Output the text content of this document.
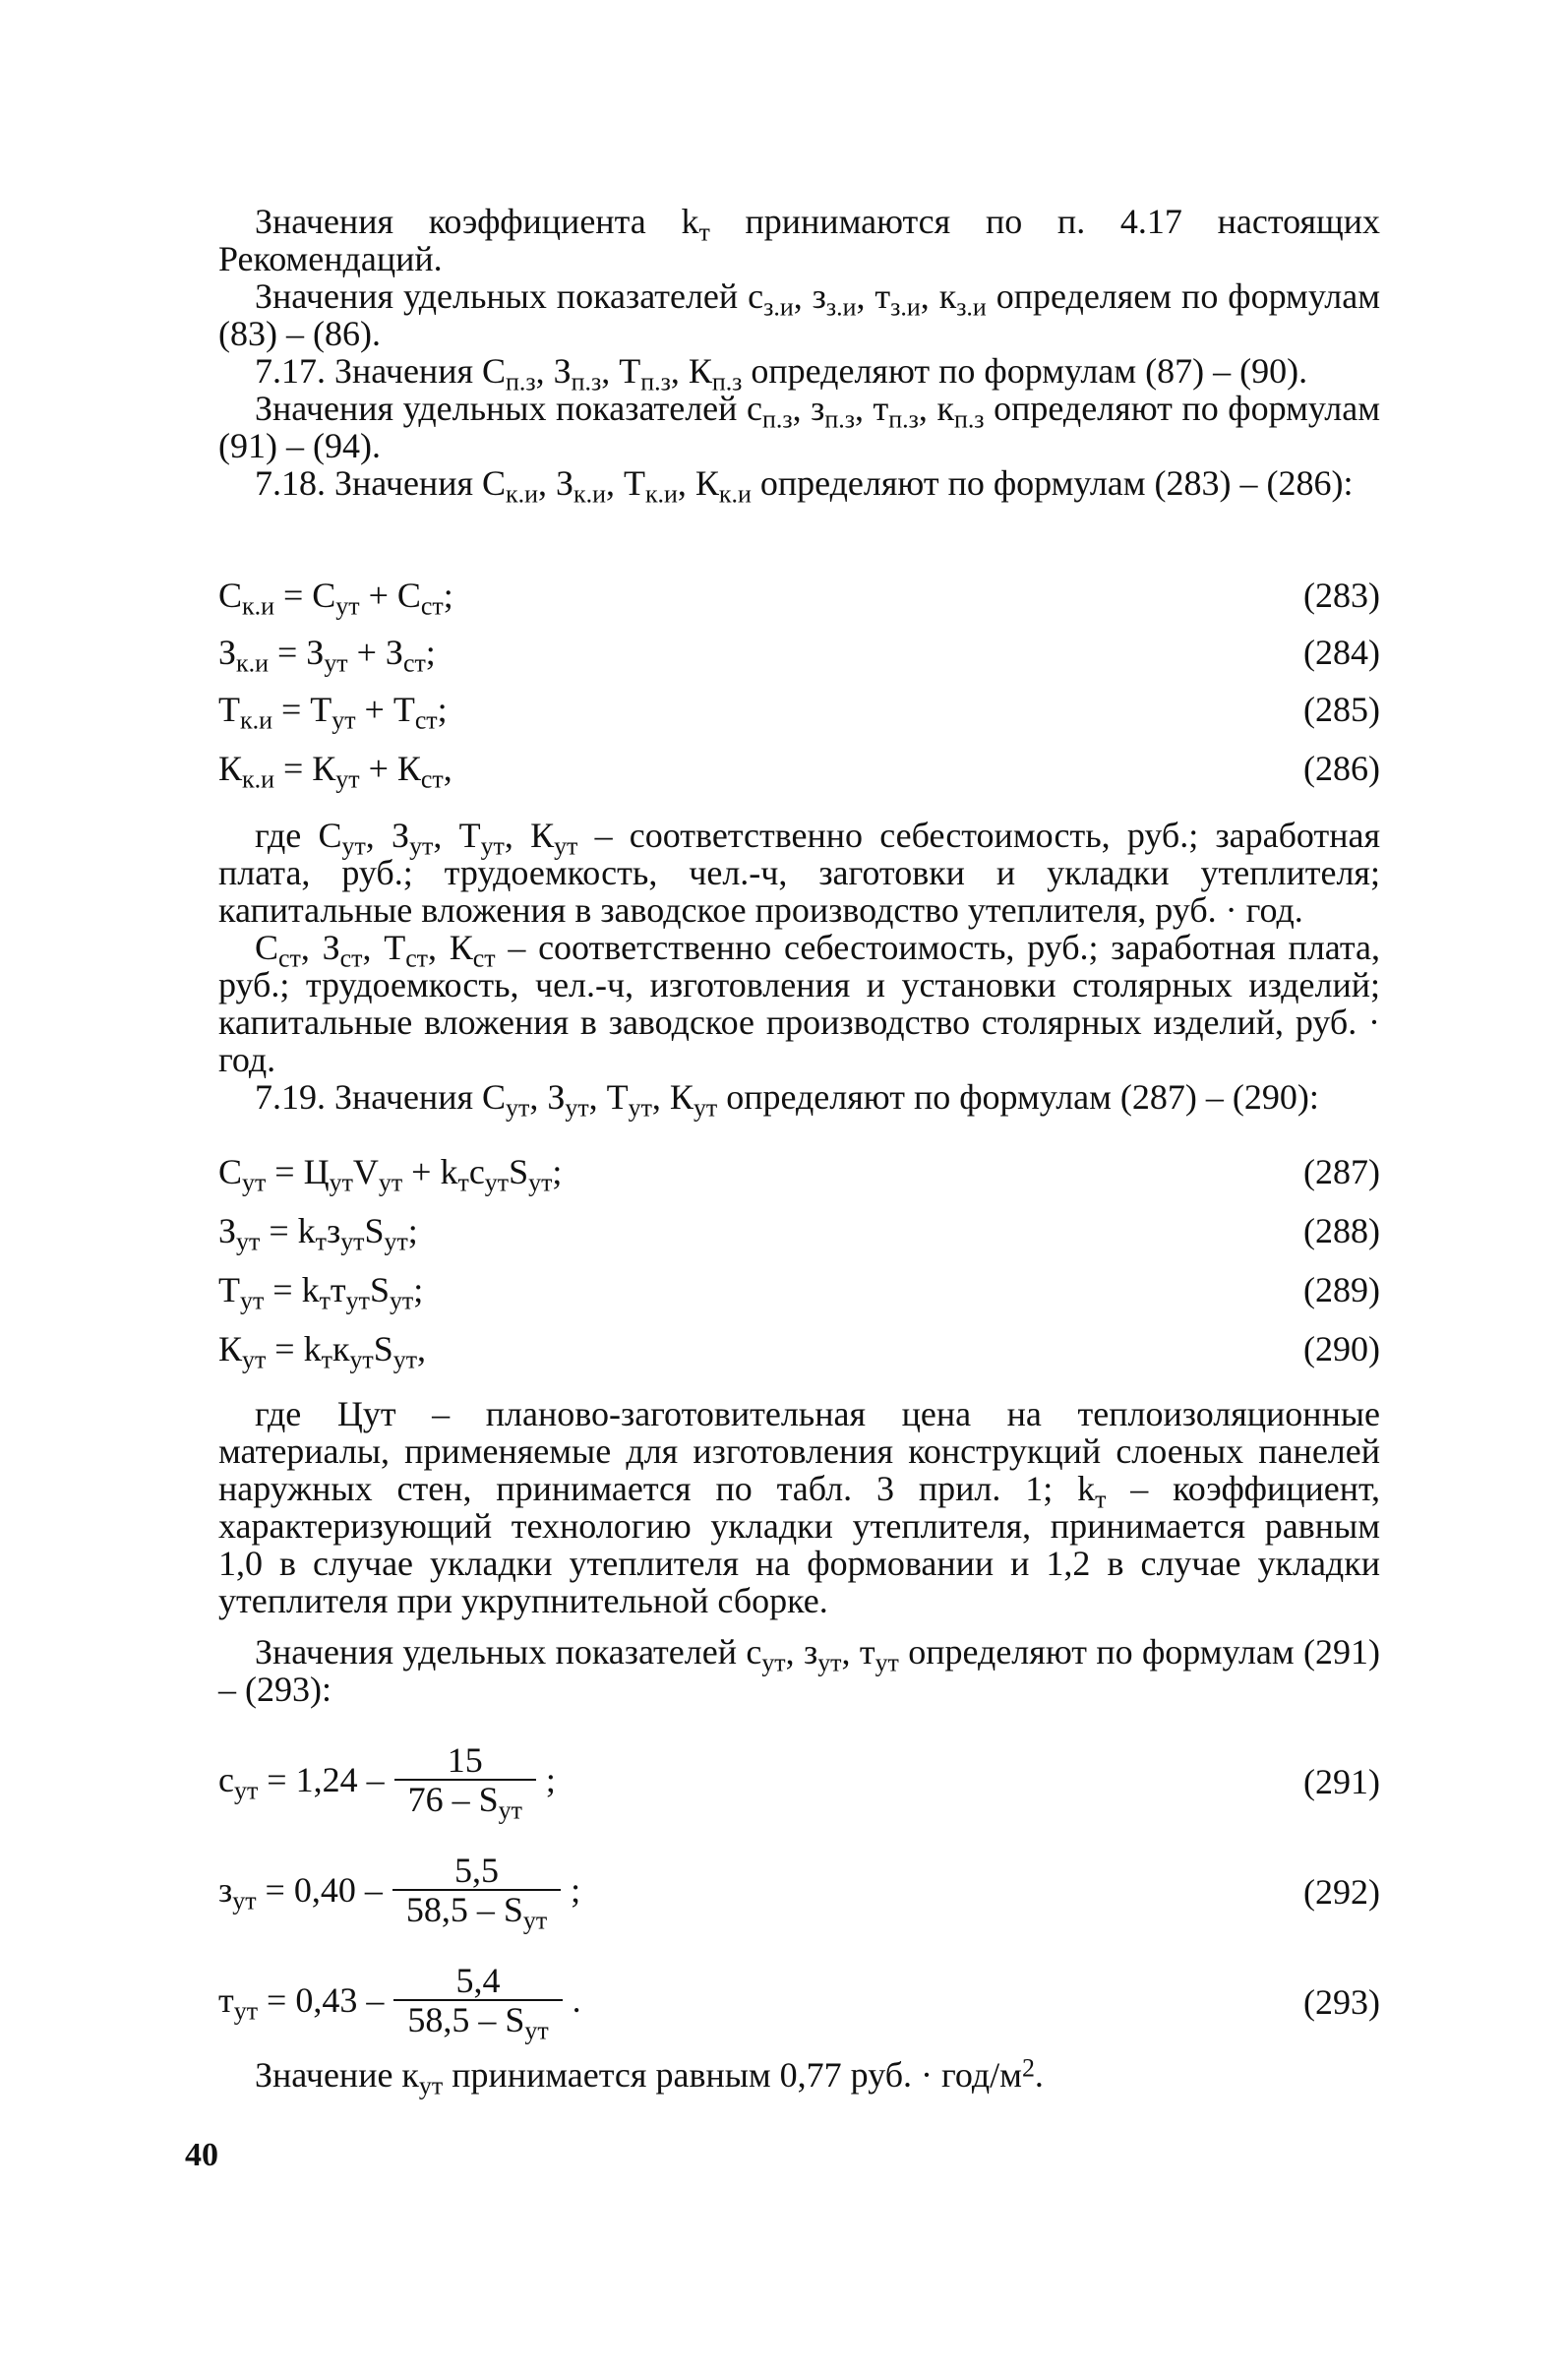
Значения коэффициента $k_т$ принимаются по п. 4.17 настоящих Рекомендаций.

Значения удельных показателей $c_{з.и}$, $з_{з.и}$, $т_{з.и}$, $к_{з.и}$ определяем по формулам (83) – (86).

7.17. Значения $C_{п.з}$, $З_{п.з}$, $Т_{п.з}$, $К_{п.з}$ определяют по формулам (87) – (90).

Значения удельных показателей $c_{п.з}$, $з_{п.з}$, $т_{п.з}$, $к_{п.з}$ определяют по формулам (91) – (94).

7.18. Значения $C_{к.и}$, $З_{к.и}$, $Т_{к.и}$, $К_{к.и}$ определяют по формулам (283) – (286):

$C_{к.и} = C_{ут} + C_{ст}$;	(283)
$З_{к.и} = З_{ут} + З_{ст}$;	(284)
$Т_{к.и} = Т_{ут} + Т_{ст}$;	(285)
$К_{к.и} = К_{ут} + К_{ст}$,	(286)

где $C_{ут}$, $З_{ут}$, $Т_{ут}$, $К_{ут}$ – соответственно себестоимость, руб.; заработная плата, руб.; трудоемкость, чел.-ч, заготовки и укладки утеплителя; капитальные вложения в заводское производство утеплителя, руб. · год.

$C_{ст}$, $З_{ст}$, $Т_{ст}$, $К_{ст}$ – соответственно себестоимость, руб.; заработная плата, руб.; трудоемкость, чел.-ч, изготовления и установки столярных изделий; капитальные вложения в заводское производство столярных изделий, руб. · год.

7.19. Значения $C_{ут}$, $З_{ут}$, $Т_{ут}$, $К_{ут}$ определяют по формулам (287) – (290):

$C_{ут} = Ц_{ут}V_{ут} + k_тc_{ут}S_{ут}$;	(287)
$З_{ут} = k_тз_{ут}S_{ут}$;	(288)
$Т_{ут} = k_тт_{ут}S_{ут}$;	(289)
$К_{ут} = k_тк_{ут}S_{ут}$,	(290)

где Цут – планово-заготовительная цена на теплоизоляционные материалы, применяемые для изготовления конструкций слоеных панелей наружных стен, принимается по табл. 3 прил. 1; $k_т$ – коэффициент, характеризующий технологию укладки утеплителя, принимается равным 1,0 в случае укладки утеплителя на формовании и 1,2 в случае укладки утеплителя при укрупнительной сборке.

Значения удельных показателей $c_{ут}$, $з_{ут}$, $т_{ут}$ определяют по формулам (291) – (293):

$c_{ут} = 1,24 - \frac{15}{76 - S_{ут}}$ ;	(291)
$з_{ут} = 0,40 - \frac{5,5}{58,5 - S_{ут}}$ ;	(292)
$т_{ут} = 0,43 - \frac{5,4}{58,5 - S_{ут}}$ .	(293)

Значение $к_{ут}$ принимается равным 0,77 руб. · год/$м^2$.

40
